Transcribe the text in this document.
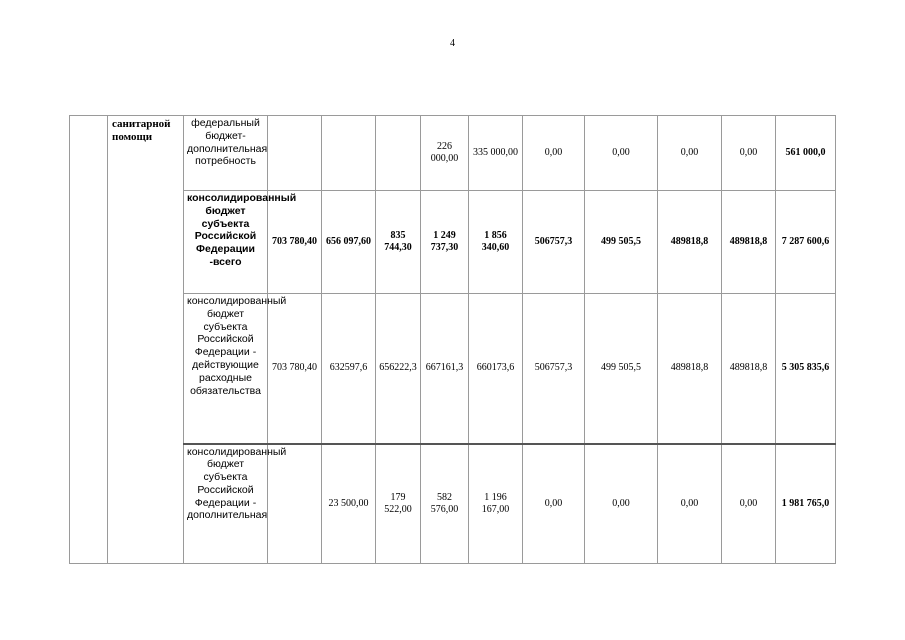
4
	санитарной помощи	федеральный бюджет-дополнительная потребность				226 000,00	335 000,00	0,00	0,00	0,00	0,00	561 000,0
		консолидированный бюджет субъекта Российской Федерации -всего	703 780,40	656 097,60	835 744,30	1 249 737,30	1 856 340,60	506757,3	499 505,5	489818,8	489818,8	7 287 600,6
		консолидированный бюджет субъекта Российской Федерации - действующие расходные обязательства	703 780,40	632597,6	656222,3	667161,3	660173,6	506757,3	499 505,5	489818,8	489818,8	5 305 835,6
		консолидированный бюджет субъекта Российской Федерации - дополнительная		23 500,00	179 522,00	582 576,00	1 196 167,00	0,00	0,00	0,00	0,00	1 981 765,0
